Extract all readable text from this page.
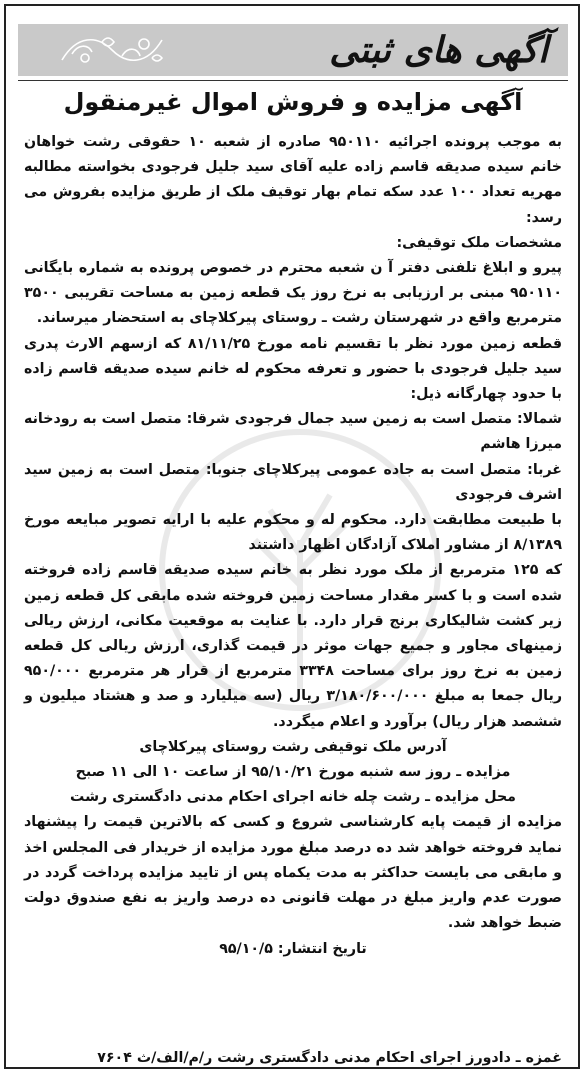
آگهی های ثبتی
آگهی مزایده و فروش اموال غیرمنقول

به موجب پرونده اجرائیه ۹۵۰۱۱۰ صادره از شعبه ۱۰ حقوقی رشت خواهان خانم سیده صدیقه قاسم زاده علیه آقای سید جلیل فرجودی بخواسته مطالبه مهریه تعداد ۱۰۰ عدد سکه تمام بهار توقیف ملک از طریق مزایده بفروش می رسد:

مشخصات ملک توقیفی:

پیرو و ابلاغ تلفنی دفتر آ ن شعبه محترم در خصوص پرونده به شماره بایگانی ۹۵۰۱۱۰ مبنی بر ارزیابی به نرخ روز یک قطعه زمین به مساحت تقریبی ۳۵۰۰ مترمربع واقع در شهرستان رشت ـ روستای پیرکلاچای به استحضار میرساند.

قطعه زمین مورد نظر با تقسیم نامه مورخ ۸۱/۱۱/۲۵ که ازسهم الارث پدری سید جلیل فرجودی با حضور و تعرفه محکوم له خانم سیده صدیقه قاسم زاده با حدود چهارگانه ذیل:

شمالا: متصل است به زمین سید جمال فرجودی شرقا: متصل است به رودخانه میرزا هاشم

غربا: متصل است به جاده عمومی پیرکلاچای جنوبا: متصل است به زمین سید اشرف فرجودی

با طبیعت مطابقت دارد. محکوم له و محکوم علیه با ارایه تصویر مبایعه مورخ ۸/۱۳۸۹ از مشاور املاک آزادگان اظهار داشتند

که ۱۲۵ مترمربع از ملک مورد نظر به خانم سیده صدیقه قاسم زاده فروخته شده است و با کسر مقدار مساحت زمین فروخته شده مابقی کل قطعه زمین زیر کشت شالیکاری برنج قرار دارد. با عنایت به موقعیت مکانی، ارزش ریالی زمینهای مجاور و جمیع جهات موثر در قیمت گذاری، ارزش ریالی کل قطعه زمین به نرخ روز برای مساحت ۳۳۴۸ مترمربع از قرار هر مترمربع ۹۵۰/۰۰۰ ریال جمعا به مبلغ ۳/۱۸۰/۶۰۰/۰۰۰ ریال (سه میلیارد و صد و هشتاد میلیون و ششصد هزار ریال) برآورد و اعلام میگردد.

آدرس ملک توقیفی رشت روستای پیرکلاچای

مزایده ـ روز سه شنبه مورخ ۹۵/۱۰/۲۱ از ساعت ۱۰ الی ۱۱ صبح

محل مزایده ـ رشت چله خانه اجرای احکام مدنی دادگستری رشت

مزایده از قیمت پایه کارشناسی شروع و کسی که بالاترین قیمت را پیشنهاد نماید فروخته خواهد شد ده درصد مبلغ مورد مزایده از خریدار فی المجلس اخذ و مابقی می بایست حداکثر به مدت یکماه پس از تایید مزایده پرداخت گردد در صورت عدم واریز مبلغ در مهلت قانونی ده درصد واریز به نفع صندوق دولت ضبط خواهد شد.

تاریخ انتشار: ۹۵/۱۰/۵

غمزه ـ دادورز اجرای احکام مدنی دادگستری رشت ر/م/الف/ث ۷۶۰۴
